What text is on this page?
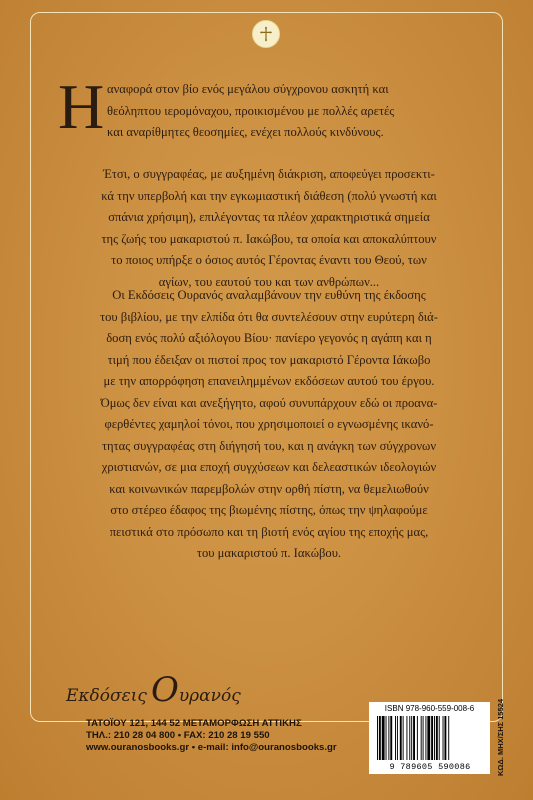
Η αναφορά στον βίο ενός μεγάλου σύγχρονου ασκητή και
θεόληπτου ιερομόναχου, προικισμένου με πολλές αρετές
και αναρίθμητες θεοσημίες, ενέχει πολλούς κινδύνους.
Έτσι, ο συγγραφέας, με αυξημένη διάκριση, αποφεύγει προσεκτι-
κά την υπερβολή και την εγκωμιαστική διάθεση (πολύ γνωστή και
σπάνια χρήσιμη), επιλέγοντας τα πλέον χαρακτηριστικά σημεία
της ζωής του μακαριστού π. Ιακώβου, τα οποία και αποκαλύπτουν
το ποιος υπήρξε ο όσιος αυτός Γέροντας έναντι του Θεού, των
αγίων, του εαυτού του και των ανθρώπων...
Οι Εκδόσεις Ουρανός αναλαμβάνουν την ευθύνη της έκδοσης
του βιβλίου, με την ελπίδα ότι θα συντελέσουν στην ευρύτερη διά-
δοση ενός πολύ αξιόλογου Βίου· πανίερο γεγονός η αγάπη και η
τιμή που έδειξαν οι πιστοί προς τον μακαριστό Γέροντα Ιάκωβο
με την απορρόφηση επανειλημμένων εκδόσεων αυτού του έργου.
Όμως δεν είναι και ανεξήγητο, αφού συνυπάρχουν εδώ οι προανα-
φερθέντες χαμηλοί τόνοι, που χρησιμοποιεί ο εγνωσμένης ικανό-
τητας συγγραφέας στη διήγησή του, και η ανάγκη των σύγχρονων
χριστιανών, σε μια εποχή συγχύσεων και δελεαστικών ιδεολογιών
και κοινωνικών παρεμβολών στην ορθή πίστη, να θεμελιωθούν
στο στέρεο έδαφος της βιωμένης πίστης, όπως την ψηλαφούμε
πειστικά στο πρόσωπο και τη βιοτή ενός αγίου της εποχής μας,
του μακαριστού π. Ιακώβου.
Εκδόσεις Ουρανός
ΤΑΤΟΪΟΥ 121, 144 52 ΜΕΤΑΜΟΡΦΩΣΗ ΑΤΤΙΚΗΣ
ΤΗΛ.: 210 28 04 800 • FAX: 210 28 19 550
www.ouranosbooks.gr • e-mail: info@ouranosbooks.gr
ISBN 978-960-559-008-6
9 789605 590086	ΚΩΔ. ΜΗΧ/ΣΗΣ 15524
